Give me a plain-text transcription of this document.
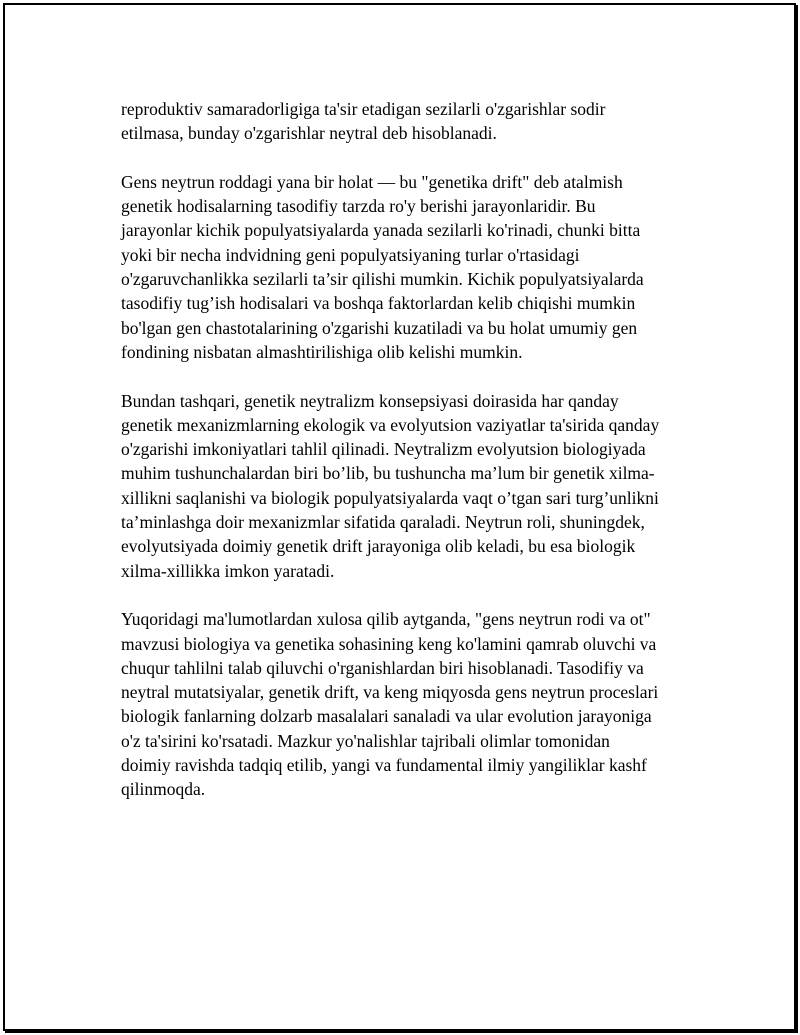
reproduktiv samaradorligiga ta'sir etadigan sezilarli o'zgarishlar sodir
etilmasa, bunday o'zgarishlar neytral deb hisoblanadi.

Gens neytrun roddagi yana bir holat — bu "genetika drift" deb atalmish
genetik hodisalarning tasodifiy tarzda ro'y berishi jarayonlaridir. Bu
jarayonlar kichik populyatsiyalarda yanada sezilarli ko'rinadi, chunki bitta
yoki bir necha indvidning geni populyatsiyaning turlar o'rtasidagi
o'zgaruvchanlikka sezilarli ta’sir qilishi mumkin. Kichik populyatsiyalarda
tasodifiy tug’ish hodisalari va boshqa faktorlardan kelib chiqishi mumkin
bo'lgan gen chastotalarining o'zgarishi kuzatiladi va bu holat umumiy gen
fondining nisbatan almashtirilishiga olib kelishi mumkin.

Bundan tashqari, genetik neytralizm konsepsiyasi doirasida har qanday
genetik mexanizmlarning ekologik va evolyutsion vaziyatlar ta'sirida qanday
o'zgarishi imkoniyatlari tahlil qilinadi. Neytralizm evolyutsion biologiyada
muhim tushunchalardan biri bo’lib, bu tushuncha ma’lum bir genetik xilma-
xillikni saqlanishi va biologik populyatsiyalarda vaqt o’tgan sari turg’unlikni
ta’minlashga doir mexanizmlar sifatida qaraladi. Neytrun roli, shuningdek,
evolyutsiyada doimiy genetik drift jarayoniga olib keladi, bu esa biologik
xilma-xillikka imkon yaratadi.

Yuqoridagi ma'lumotlardan xulosa qilib aytganda, "gens neytrun rodi va ot"
mavzusi biologiya va genetika sohasining keng ko'lamini qamrab oluvchi va
chuqur tahlilni talab qiluvchi o'rganishlardan biri hisoblanadi. Tasodifiy va
neytral mutatsiyalar, genetik drift, va keng miqyosda gens neytrun proceslari
biologik fanlarning dolzarb masalalari sanaladi va ular evolution jarayoniga
o'z ta'sirini ko'rsatadi. Mazkur yo'nalishlar tajribali olimlar tomonidan
doimiy ravishda tadqiq etilib, yangi va fundamental ilmiy yangiliklar kashf
qilinmoqda.
